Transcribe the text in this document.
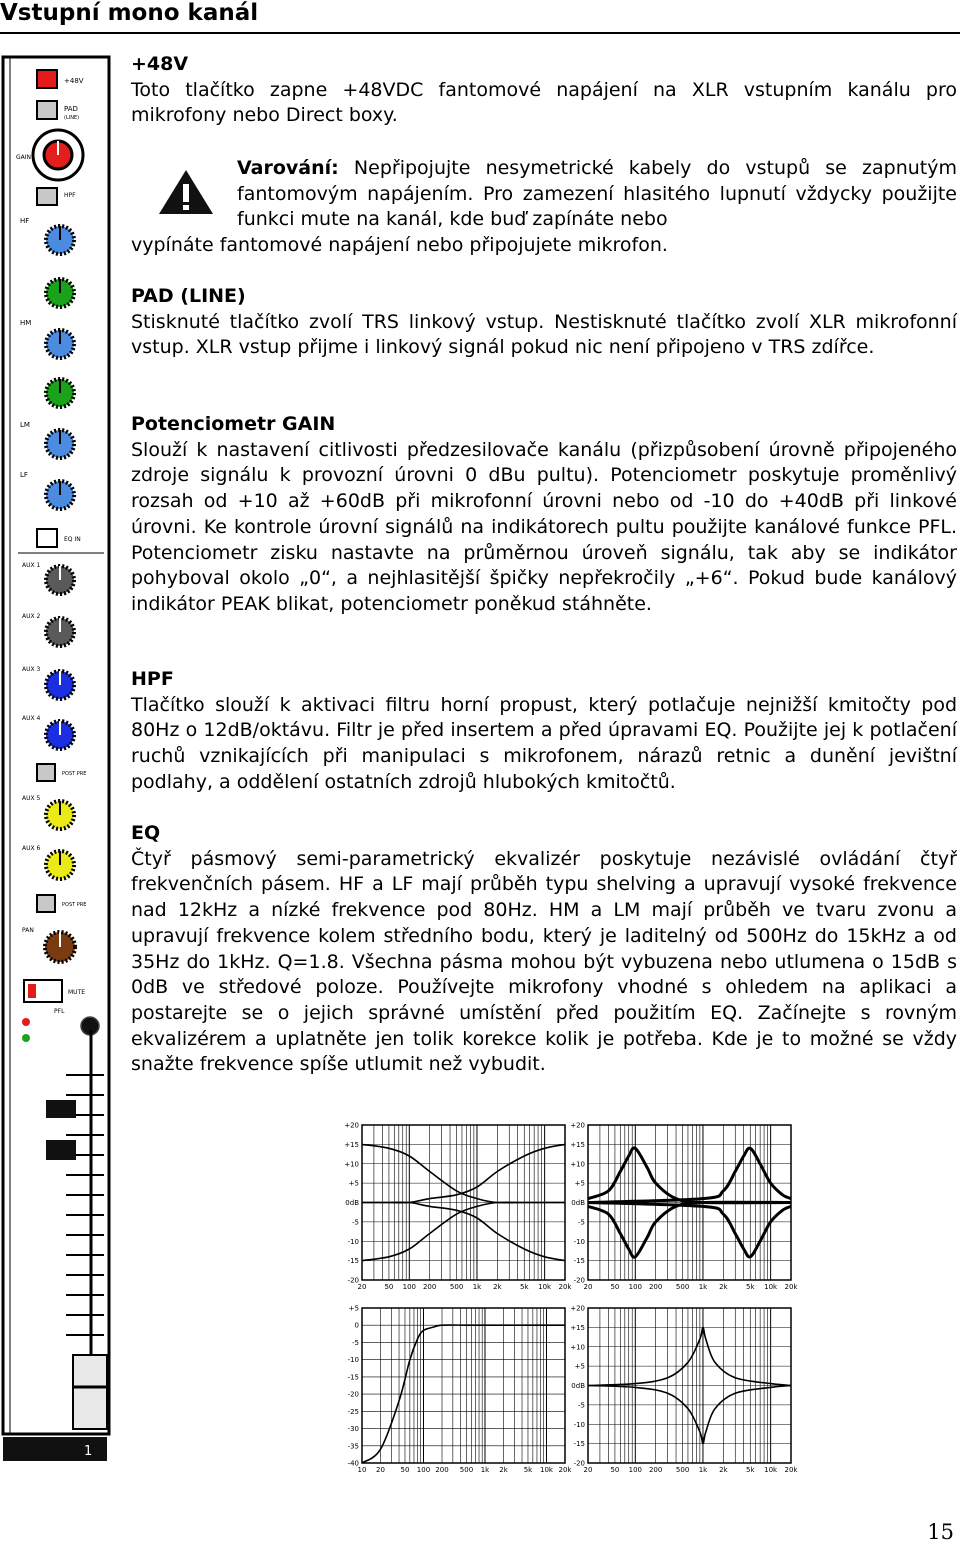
Vstupní mono kanál
+48V
PAD
(LINE)
GAIN
HPF
HF
HM
LM
LF
EQ IN
AUX 1
AUX 2
AUX 3
AUX 4
POST PRE
AUX 5
AUX 6
POST PRE
PAN
MUTE
PFL
1

+48V

Toto tlačítko zapne +48VDC fantomové napájení na XLR vstupním kanálu pro mikrofony nebo Direct boxy.

Varování: Nepřipojujte nesymetrické kabely do vstupů se zapnutým fantomovým napájením. Pro zamezení hlasitého lupnutí vždycky použijte funkci mute na kanál, kde buď zapínáte nebo

vypínáte fantomové napájení nebo připojujete mikrofon.

PAD (LINE)

Stisknuté tlačítko zvolí TRS linkový vstup. Nestisknuté tlačítko zvolí XLR mikrofonní vstup. XLR vstup přijme i linkový signál pokud nic není připojeno v TRS zdířce.

Potenciometr GAIN

Slouží k nastavení citlivosti předzesilovače kanálu (přizpůsobení úrovně připojeného zdroje signálu k provozní úrovni 0 dBu pultu). Potenciometr poskytuje proměnlivý rozsah od +10 až +60dB při mikrofonní úrovni nebo od -10 do +40dB při linkové úrovni. Ke kontrole úrovní signálů na indikátorech pultu použijte kanálové funkce PFL. Potenciometr zisku nastavte na průměrnou úroveň signálu, tak aby se indikátor pohyboval okolo „0“, a nejhlasitější špičky nepřekročily „+6“. Pokud bude kanálový indikátor PEAK blikat, potenciometr poněkud stáhněte.

HPF

Tlačítko slouží k aktivaci filtru horní propust, který potlačuje nejnižší kmitočty pod 80Hz o 12dB/oktávu. Filtr je před insertem a před úpravami EQ. Použijte jej k potlačení ruchů vznikajících při manipulaci s mikrofonem, nárazů retnic a dunění jevištní podlahy, a oddělení ostatních zdrojů hlubokých kmitočtů.

EQ

Čtyř pásmový semi-parametrický ekvalizér poskytuje nezávislé ovládání čtyř frekvenčních pásem. HF a LF mají průběh typu shelving a upravují vysoké frekvence nad 12kHz a nízké frekvence pod 80Hz. HM a LM mají průběh ve tvaru zvonu a upravují frekvence kolem středního bodu, který je laditelný od 500Hz do 15kHz a od 35Hz do 1kHz. Q=1.8. Všechna pásma mohou být vybuzena nebo utlumena o 15dB s 0dB ve středové poloze. Používejte mikrofony vhodné s ohledem na aplikaci a postarejte se o jejich správné umístění před použitím EQ. Začínejte s rovným ekvalizérem a uplatněte jen tolik korekce kolik je potřeba. Kde je to možné se vždy snažte frekvence spíše utlumit než vybudit.

+20
+15
+10
+5
0dB
-5
-10
-15
-20
20	50 100 200 500 1k 2k	5k 10k 20k
+20
+15
+10
+5
0dB
-5
-10
-15
-20
20	50 100 200 500 1k 2k	5k 10k 20k
+5
0
-5
-10
-15
-20
-25
-30
-35
-40
10 20 50 100 200 500 1k 2k 5k 10k 20k
+20
+15
+10
+5
0dB
-5
-10
-15
-20
20	50 100 200 500 1k 2k	5k 10k 20k
15
